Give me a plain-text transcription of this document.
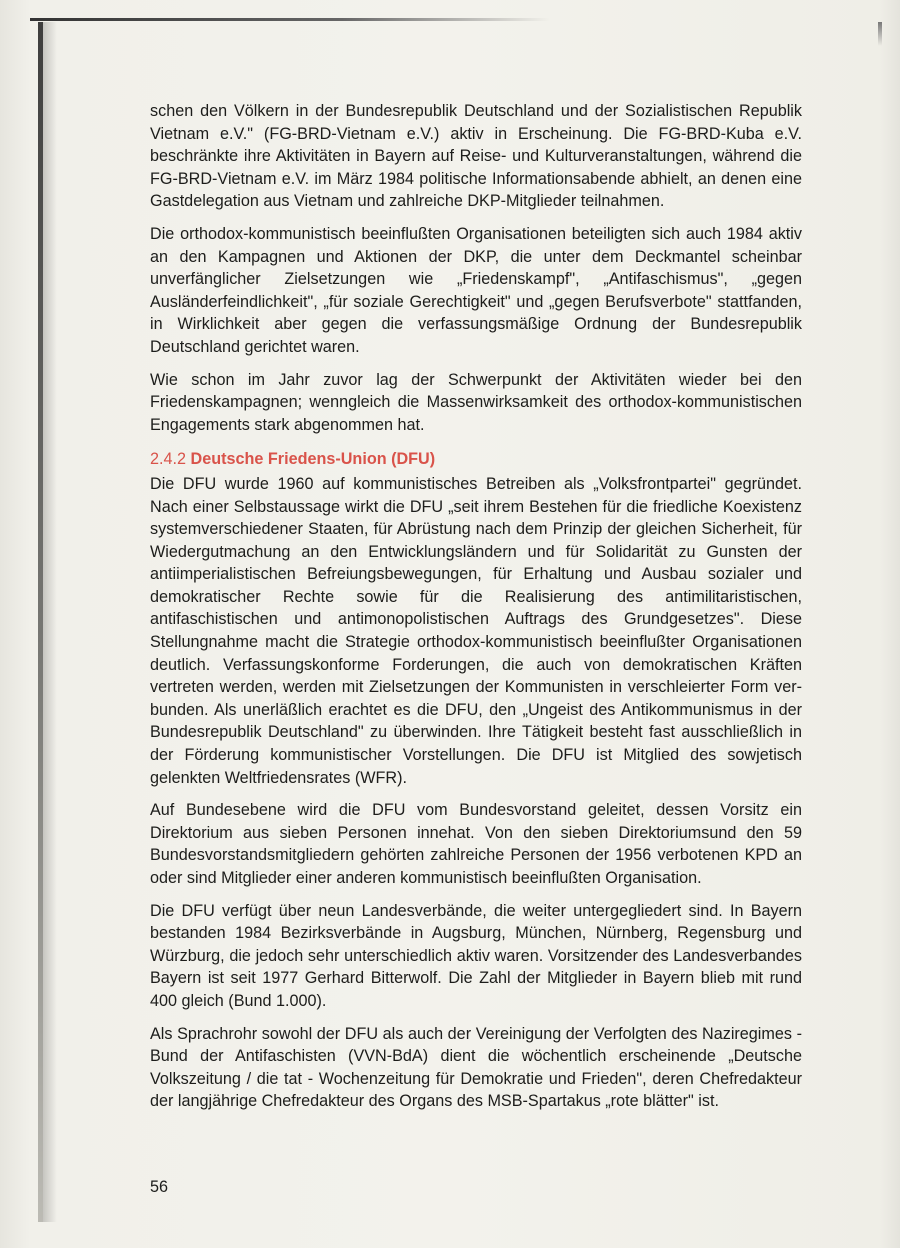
schen den Völkern in der Bundesrepublik Deutschland und der Sozialistischen Republik Vietnam e.V." (FG-BRD-Vietnam e.V.) aktiv in Erscheinung. Die FG-BRD-Kuba e.V. beschränkte ihre Aktivitäten in Bayern auf Reise- und Kulturveranstaltungen, während die FG-BRD-Vietnam e.V. im März 1984 politische Informationsabende abhielt, an denen eine Gastdelegation aus Vietnam und zahlreiche DKP-Mitglieder teilnahmen.

Die orthodox-kommunistisch beeinflußten Organisationen beteiligten sich auch 1984 aktiv an den Kampagnen und Aktionen der DKP, die unter dem Deckmantel scheinbar unverfänglicher Zielsetzungen wie „Friedenskampf", „Antifaschismus", „gegen Ausländerfeindlichkeit", „für soziale Gerechtigkeit" und „gegen Berufsverbote" stattfanden, in Wirklichkeit aber gegen die verfassungsmäßige Ordnung der Bundesrepublik Deutschland gerichtet waren.

Wie schon im Jahr zuvor lag der Schwerpunkt der Aktivitäten wieder bei den Friedenskampagnen; wenngleich die Massenwirksamkeit des orthodox-kommunistischen Engagements stark abgenommen hat.

2.4.2 Deutsche Friedens-Union (DFU)

Die DFU wurde 1960 auf kommunistisches Betreiben als „Volksfrontpartei" gegründet. Nach einer Selbstaussage wirkt die DFU „seit ihrem Bestehen für die friedliche Koexistenz systemverschiedener Staaten, für Abrüstung nach dem Prinzip der gleichen Sicherheit, für Wiedergutmachung an den Entwicklungsländern und für Solidarität zu Gunsten der antiimperialistischen Befreiungsbewegungen, für Erhaltung und Ausbau sozialer und demokratischer Rechte sowie für die Realisierung des antimilitaristischen, antifaschistischen und antimonopolistischen Auftrags des Grundgesetzes". Diese Stellungnahme macht die Strategie orthodox-kommunistisch beeinflußter Organisationen deutlich. Verfassungskonforme Forderungen, die auch von demokratischen Kräften vertreten werden, werden mit Zielsetzungen der Kommunisten in verschleierter Form verbunden. Als unerläßlich erachtet es die DFU, den „Ungeist des Antikommunismus in der Bundesrepublik Deutschland" zu überwinden. Ihre Tätigkeit besteht fast ausschließlich in der Förderung kommunistischer Vorstellungen. Die DFU ist Mitglied des sowjetisch gelenkten Weltfriedensrates (WFR).

Auf Bundesebene wird die DFU vom Bundesvorstand geleitet, dessen Vorsitz ein Direktorium aus sieben Personen innehat. Von den sieben Direktoriumsund den 59 Bundesvorstandsmitgliedern gehörten zahlreiche Personen der 1956 verbotenen KPD an oder sind Mitglieder einer anderen kommunistisch beeinflußten Organisation.

Die DFU verfügt über neun Landesverbände, die weiter untergegliedert sind. In Bayern bestanden 1984 Bezirksverbände in Augsburg, München, Nürnberg, Regensburg und Würzburg, die jedoch sehr unterschiedlich aktiv waren. Vorsitzender des Landesverbandes Bayern ist seit 1977 Gerhard Bitterwolf. Die Zahl der Mitglieder in Bayern blieb mit rund 400 gleich (Bund 1.000).

Als Sprachrohr sowohl der DFU als auch der Vereinigung der Verfolgten des Naziregimes - Bund der Antifaschisten (VVN-BdA) dient die wöchentlich erscheinende „Deutsche Volkszeitung / die tat - Wochenzeitung für Demokratie und Frieden", deren Chefredakteur der langjährige Chefredakteur des Organs des MSB-Spartakus „rote blätter" ist.

56
